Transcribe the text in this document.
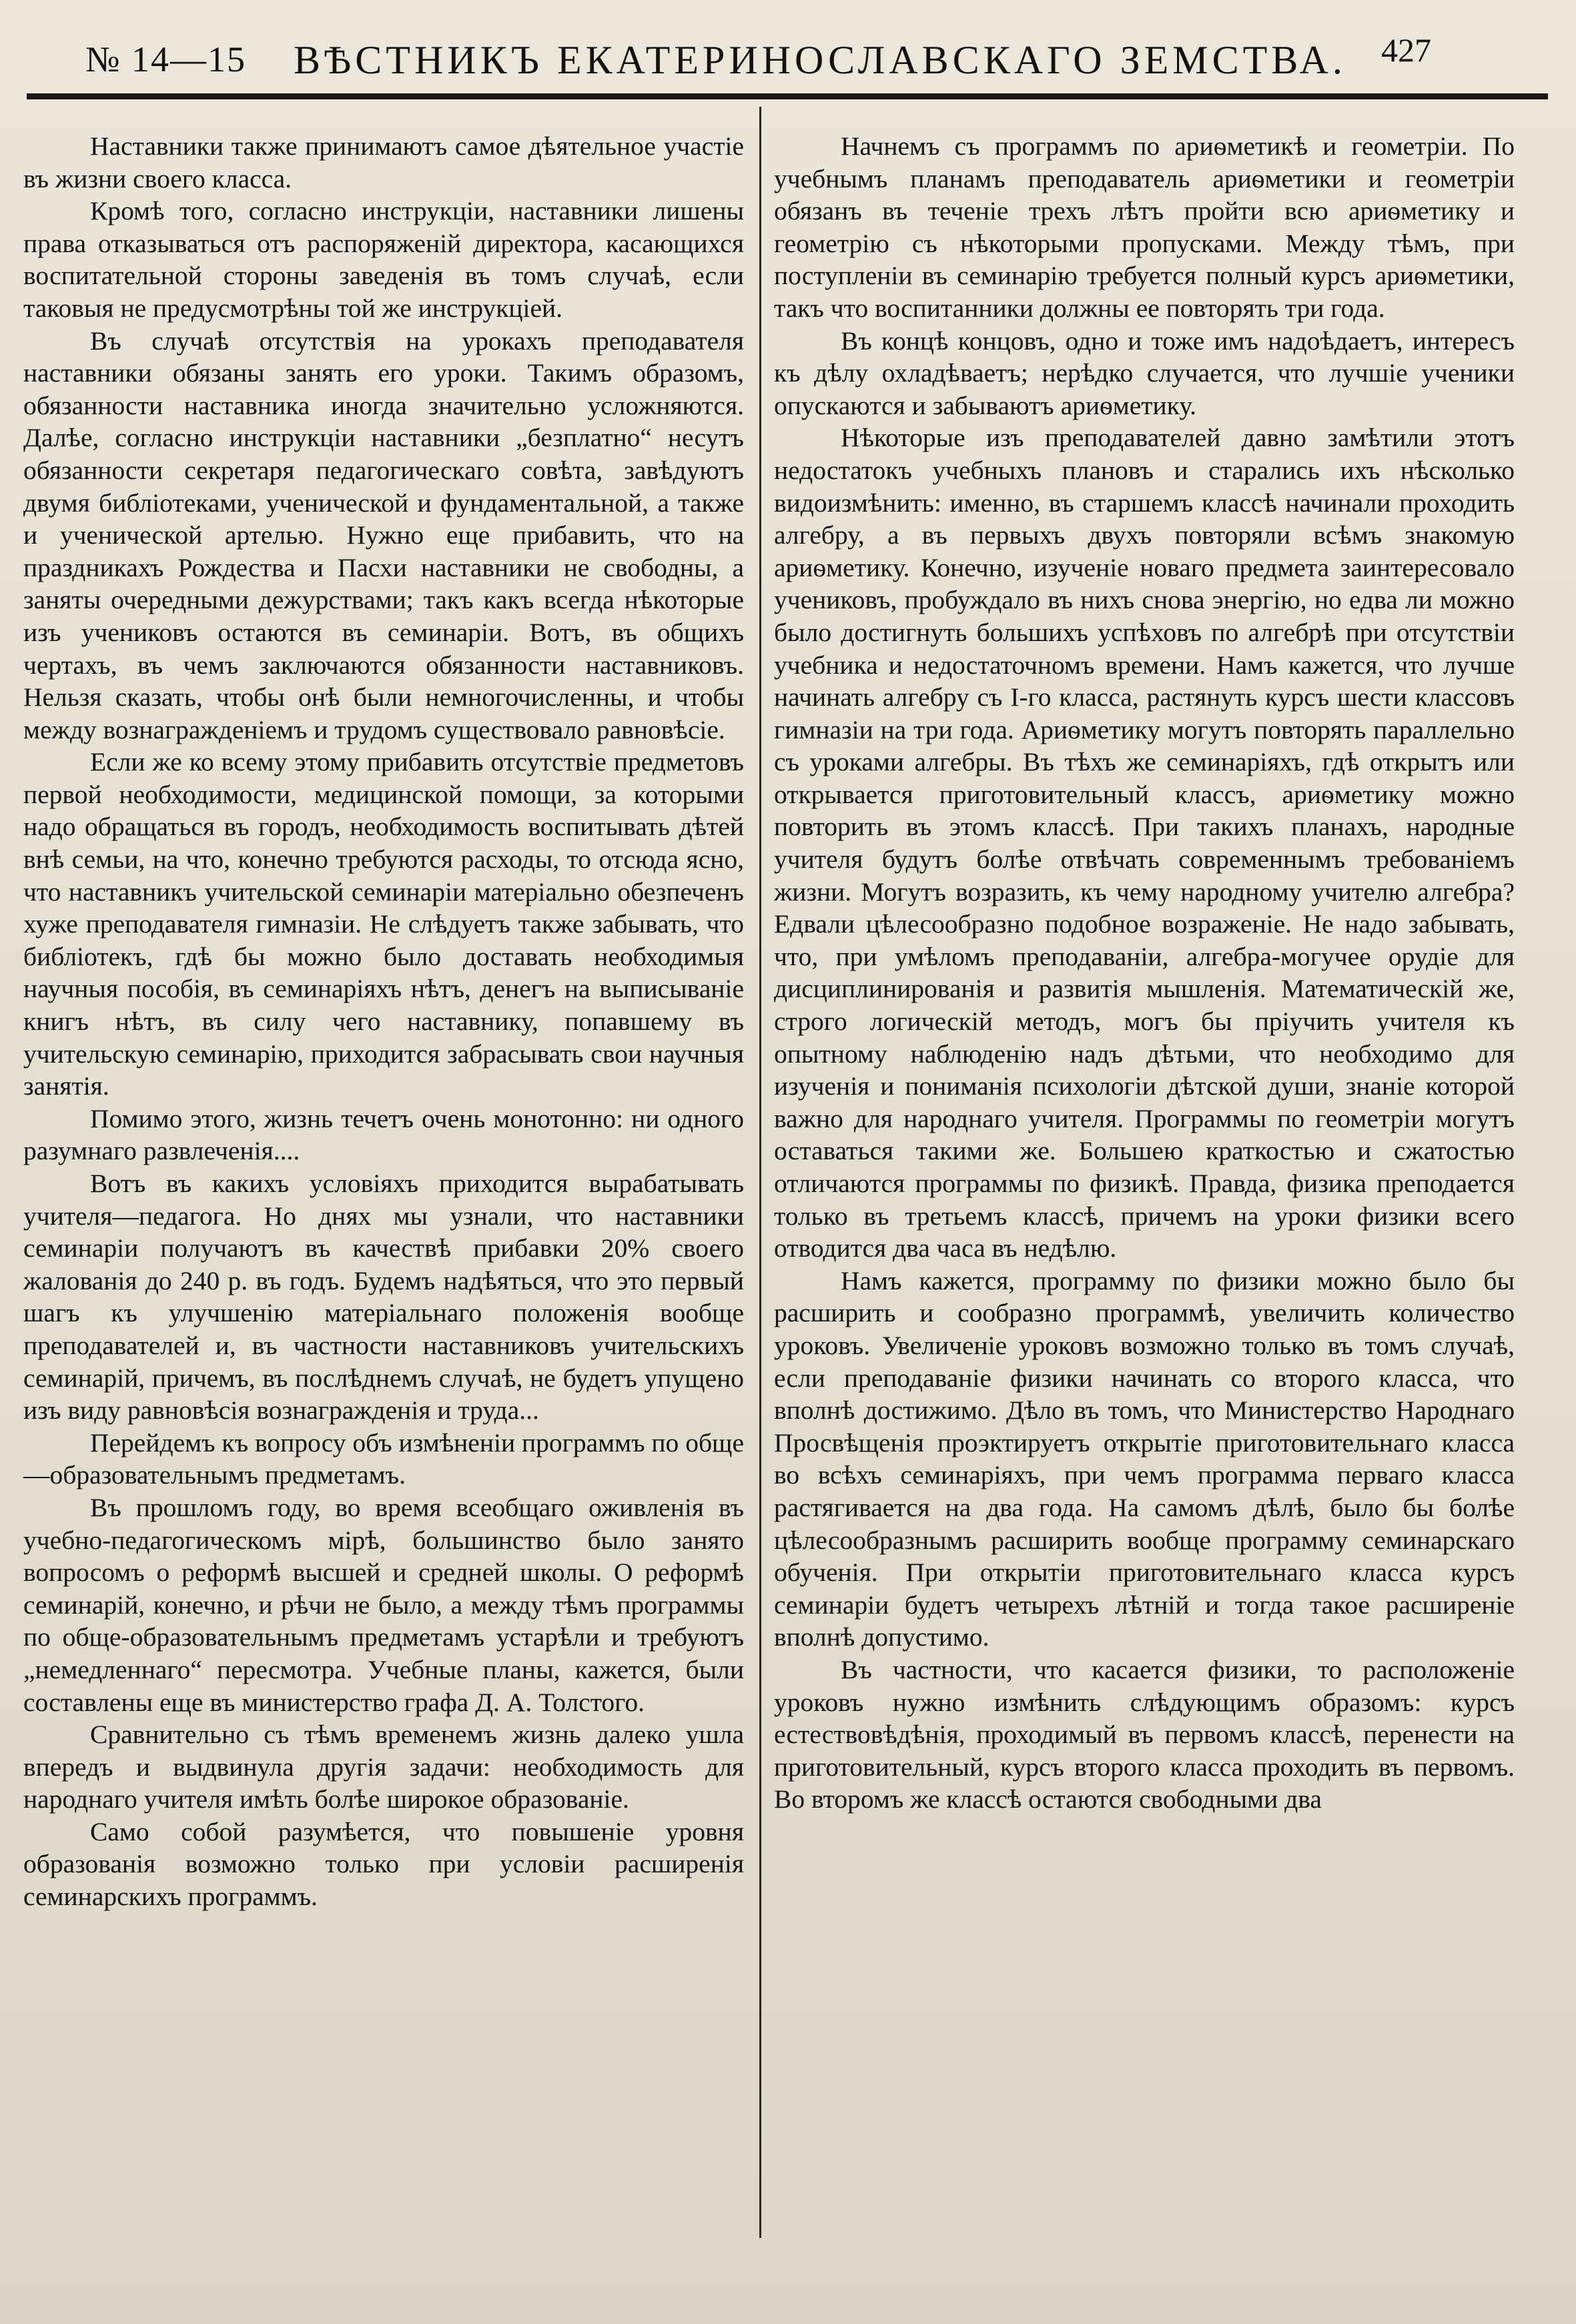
№ 14—15 ВѢСТНИКЪ ЕКАТЕРИНОСЛАВСКАГО ЗЕМСТВА. 427

Наставники также принимаютъ самое дѣятельное участіе въ жизни своего класса.

Кромѣ того, согласно инструкціи, наставники лишены права отказываться отъ распоряженій директора, касающихся воспитательной стороны заведенія въ томъ случаѣ, если таковыя не предусмотрѣны той же инструкціей.

Въ случаѣ отсутствія на урокахъ преподавателя наставники обязаны занять его уроки. Такимъ образомъ, обязанности наставника иногда значительно усложняются. Далѣе, согласно инструкціи наставники „безплатно“ несутъ обязанности секретаря педагогическаго совѣта, завѣдуютъ двумя библіотеками, ученической и фундаментальной, а также и ученической артелью. Нужно еще прибавить, что на праздникахъ Рождества и Пасхи наставники не свободны, а заняты очередными дежурствами; такъ какъ всегда нѣкоторые изъ учениковъ остаются въ семинаріи. Вотъ, въ общихъ чертахъ, въ чемъ заключаются обязанности наставниковъ. Нельзя сказать, чтобы онѣ были немногочисленны, и чтобы между вознагражденіемъ и трудомъ существовало равновѣсіе.

Если же ко всему этому прибавить отсутствіе предметовъ первой необходимости, медицинской помощи, за которыми надо обращаться въ городъ, необходимость воспитывать дѣтей внѣ семьи, на что, конечно требуются расходы, то отсюда ясно, что наставникъ учительской семинаріи матеріально обезпеченъ хуже преподавателя гимназіи. Не слѣдуетъ также забывать, что библіотекъ, гдѣ бы можно было доставать необходимыя научныя пособія, въ семинаріяхъ нѣтъ, денегъ на выписываніе книгъ нѣтъ, въ силу чего наставнику, попавшему въ учительскую семинарію, приходится забрасывать свои научныя занятія.

Помимо этого, жизнь течетъ очень монотонно: ни одного разумнаго развлеченія....

Вотъ въ какихъ условіяхъ приходится вырабатывать учителя—педагога. Но днях мы узнали, что наставники семинаріи получаютъ въ качествѣ прибавки 20% своего жалованія до 240 р. въ годъ. Будемъ надѣяться, что это первый шагъ къ улучшенію матеріальнаго положенія вообще преподавателей и, въ частности наставниковъ учительскихъ семинарій, причемъ, въ послѣднемъ случаѣ, не будетъ упущено изъ виду равновѣсія вознагражденія и труда...

Перейдемъ къ вопросу объ измѣненіи программъ по обще—образовательнымъ предметамъ.

Въ прошломъ году, во время всеобщаго оживленія въ учебно-педагогическомъ мірѣ, большинство было занято вопросомъ о реформѣ высшей и средней школы. О реформѣ семинарій, конечно, и рѣчи не было, а между тѣмъ программы по обще-образовательнымъ предметамъ устарѣли и требуютъ „немедленнаго“ пересмотра. Учебные планы, кажется, были составлены еще въ министерство графа Д. А. Толстого.

Сравнительно съ тѣмъ временемъ жизнь далеко ушла впередъ и выдвинула другія задачи: необходимость для народнаго учителя имѣть болѣе широкое образованіе.

Само собой разумѣется, что повышеніе уровня образованія возможно только при условіи расширенія семинарскихъ программъ.

Начнемъ съ программъ по ариѳметикѣ и геометріи. По учебнымъ планамъ преподаватель ариѳметики и геометріи обязанъ въ теченіе трехъ лѣтъ пройти всю ариѳметику и геометрію съ нѣкоторыми пропусками. Между тѣмъ, при поступленіи въ семинарію требуется полный курсъ ариѳметики, такъ что воспитанники должны ее повторять три года.

Въ концѣ концовъ, одно и тоже имъ надоѣдаетъ, интересъ къ дѣлу охладѣваетъ; нерѣдко случается, что лучшіе ученики опускаются и забываютъ ариѳметику.

Нѣкоторые изъ преподавателей давно замѣтили этотъ недостатокъ учебныхъ плановъ и старались ихъ нѣсколько видоизмѣнить: именно, въ старшемъ классѣ начинали проходить алгебру, а въ первыхъ двухъ повторяли всѣмъ знакомую ариѳметику. Конечно, изученіе новаго предмета заинтересовало учениковъ, пробуждало въ нихъ снова энергію, но едва ли можно было достигнуть большихъ успѣховъ по алгебрѣ при отсутствіи учебника и недостаточномъ времени. Намъ кажется, что лучше начинать алгебру съ I-го класса, растянуть курсъ шести классовъ гимназіи на три года. Ариѳметику могутъ повторять параллельно съ уроками алгебры. Въ тѣхъ же семинаріяхъ, гдѣ открытъ или открывается приготовительный классъ, ариѳметику можно повторить въ этомъ классѣ. При такихъ планахъ, народные учителя будутъ болѣе отвѣчать современнымъ требованіемъ жизни. Могутъ возразить, къ чему народному учителю алгебра? Едвали цѣлесообразно подобное возраженіе. Не надо забывать, что, при умѣломъ преподаваніи, алгебра-могучее орудіе для дисциплинированія и развитія мышленія. Математическій же, строго логическій методъ, могъ бы пріучить учителя къ опытному наблюденію надъ дѣтьми, что необходимо для изученія и пониманія психологіи дѣтской души, знаніе которой важно для народнаго учителя. Программы по геометріи могутъ оставаться такими же. Большею краткостью и сжатостью отличаются программы по физикѣ. Правда, физика преподается только въ третьемъ классѣ, причемъ на уроки физики всего отводится два часа въ недѣлю.

Намъ кажется, программу по физики можно было бы расширить и сообразно программѣ, увеличить количество уроковъ. Увеличеніе уроковъ возможно только въ томъ случаѣ, если преподаваніе физики начинать со второго класса, что вполнѣ достижимо. Дѣло въ томъ, что Министерство Народнаго Просвѣщенія проэктируетъ открытіе приготовительнаго класса во всѣхъ семинаріяхъ, при чемъ программа перваго класса растягивается на два года. На самомъ дѣлѣ, было бы болѣе цѣлесообразнымъ расширить вообще программу семинарскаго обученія. При открытіи приготовительнаго класса курсъ семинаріи будетъ четырехъ лѣтній и тогда такое расширеніе вполнѣ допустимо.

Въ частности, что касается физики, то расположеніе уроковъ нужно измѣнить слѣдующимъ образомъ: курсъ естествовѣдѣнія, проходимый въ первомъ классѣ, перенести на приготовительный, курсъ второго класса проходить въ первомъ. Во второмъ же классѣ остаются свободными два
